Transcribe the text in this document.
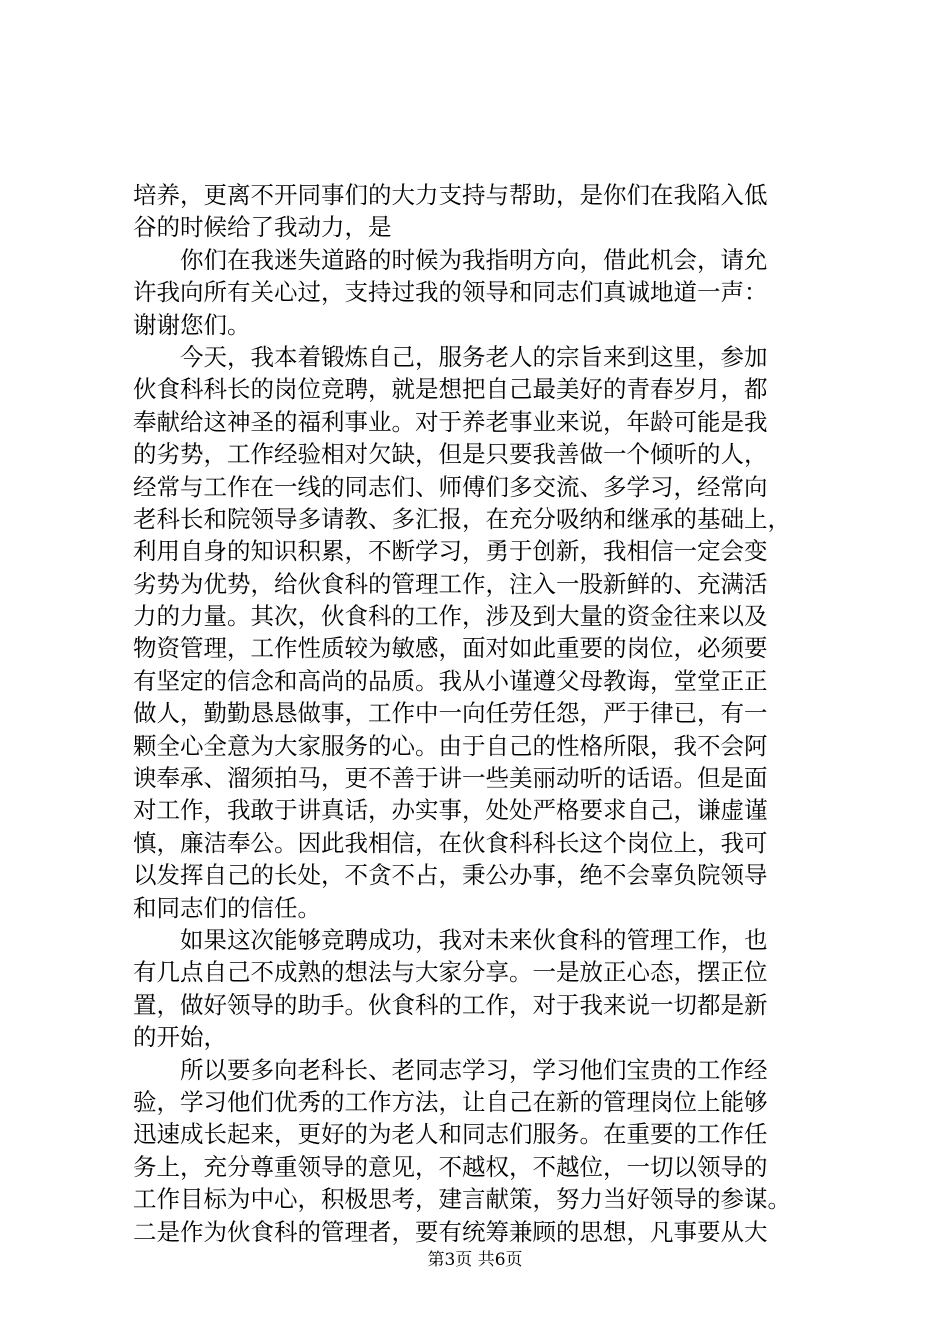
培养，更离不开同事们的大力支持与帮助，是你们在我陷入低
谷的时候给了我动力，是
你们在我迷失道路的时候为我指明方向，借此机会，请允
许我向所有关心过，支持过我的领导和同志们真诚地道一声：
谢谢您们。
今天，我本着锻炼自己，服务老人的宗旨来到这里，参加
伙食科科长的岗位竞聘，就是想把自己最美好的青春岁月，都
奉献给这神圣的福利事业。对于养老事业来说，年龄可能是我
的劣势，工作经验相对欠缺，但是只要我善做一个倾听的人，
经常与工作在一线的同志们、师傅们多交流、多学习，经常向
老科长和院领导多请教、多汇报，在充分吸纳和继承的基础上，
利用自身的知识积累，不断学习，勇于创新，我相信一定会变
劣势为优势，给伙食科的管理工作，注入一股新鲜的、充满活
力的力量。其次，伙食科的工作，涉及到大量的资金往来以及
物资管理，工作性质较为敏感，面对如此重要的岗位，必须要
有坚定的信念和高尚的品质。我从小谨遵父母教诲，堂堂正正
做人，勤勤恳恳做事，工作中一向任劳任怨，严于律已，有一
颗全心全意为大家服务的心。由于自己的性格所限，我不会阿
谀奉承、溜须拍马，更不善于讲一些美丽动听的话语。但是面
对工作，我敢于讲真话，办实事，处处严格要求自己，谦虚谨
慎，廉洁奉公。因此我相信，在伙食科科长这个岗位上，我可
以发挥自己的长处，不贪不占，秉公办事，绝不会辜负院领导
和同志们的信任。
如果这次能够竞聘成功，我对未来伙食科的管理工作，也
有几点自己不成熟的想法与大家分享。一是放正心态，摆正位
置，做好领导的助手。伙食科的工作，对于我来说一切都是新
的开始，
所以要多向老科长、老同志学习，学习他们宝贵的工作经
验，学习他们优秀的工作方法，让自己在新的管理岗位上能够
迅速成长起来，更好的为老人和同志们服务。在重要的工作任
务上，充分尊重领导的意见，不越权，不越位，一切以领导的
工作目标为中心，积极思考，建言献策，努力当好领导的参谋。
二是作为伙食科的管理者，要有统筹兼顾的思想，凡事要从大
第3页 共6页
